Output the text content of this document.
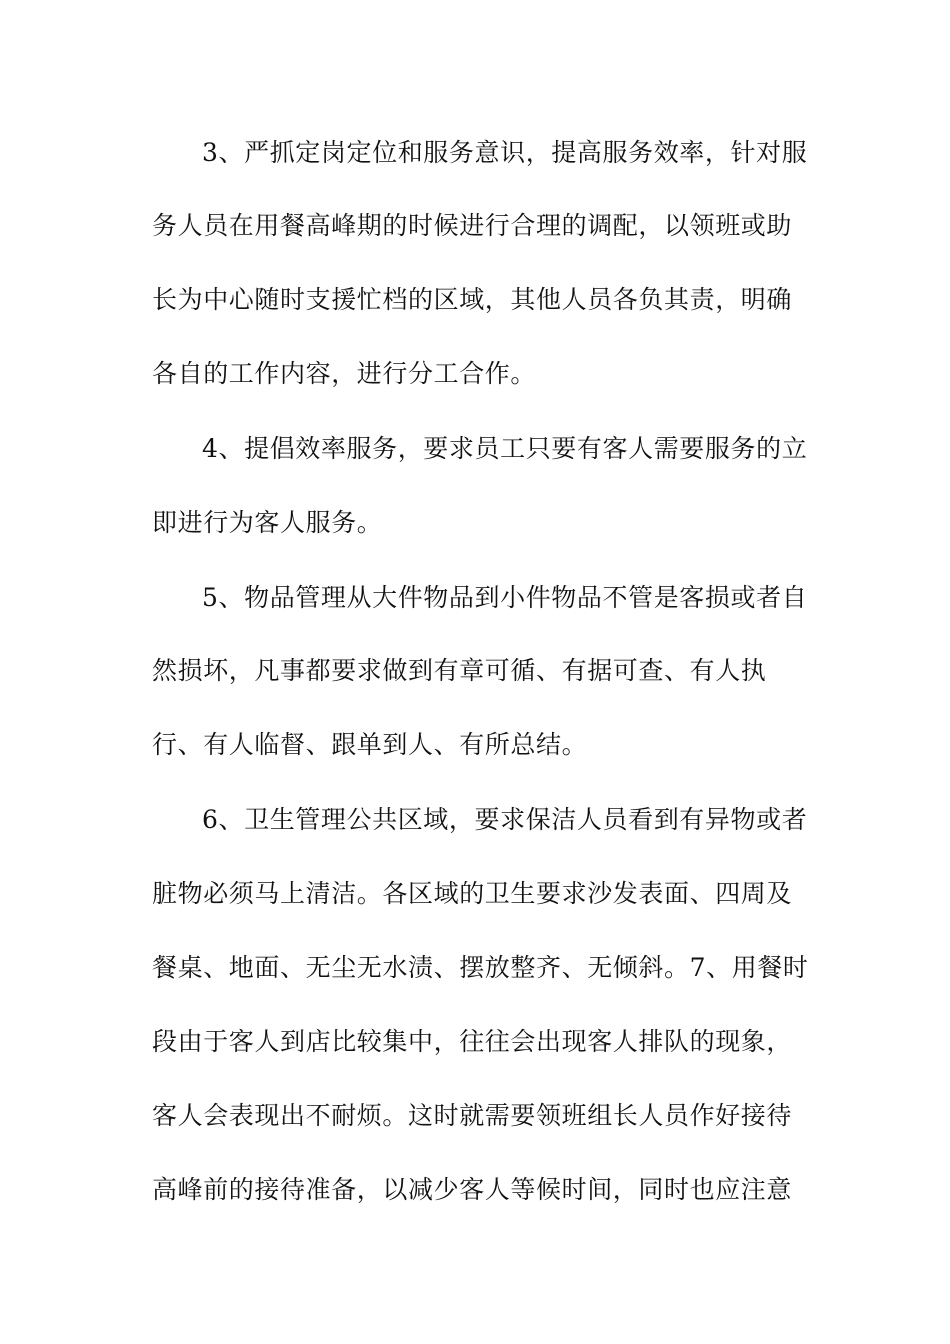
3、严抓定岗定位和服务意识，提高服务效率，针对服
务人员在用餐高峰期的时候进行合理的调配，以领班或助
长为中心随时支援忙档的区域，其他人员各负其责，明确
各自的工作内容，进行分工合作。
4、提倡效率服务，要求员工只要有客人需要服务的立
即进行为客人服务。
5、物品管理从大件物品到小件物品不管是客损或者自
然损坏，凡事都要求做到有章可循、有据可查、有人执
行、有人临督、跟单到人、有所总结。
6、卫生管理公共区域，要求保洁人员看到有异物或者
脏物必须马上清洁。各区域的卫生要求沙发表面、四周及
餐桌、地面、无尘无水渍、摆放整齐、无倾斜。7、用餐时
段由于客人到店比较集中，往往会出现客人排队的现象，
客人会表现出不耐烦。这时就需要领班组长人员作好接待
高峰前的接待准备，以减少客人等候时间，同时也应注意
